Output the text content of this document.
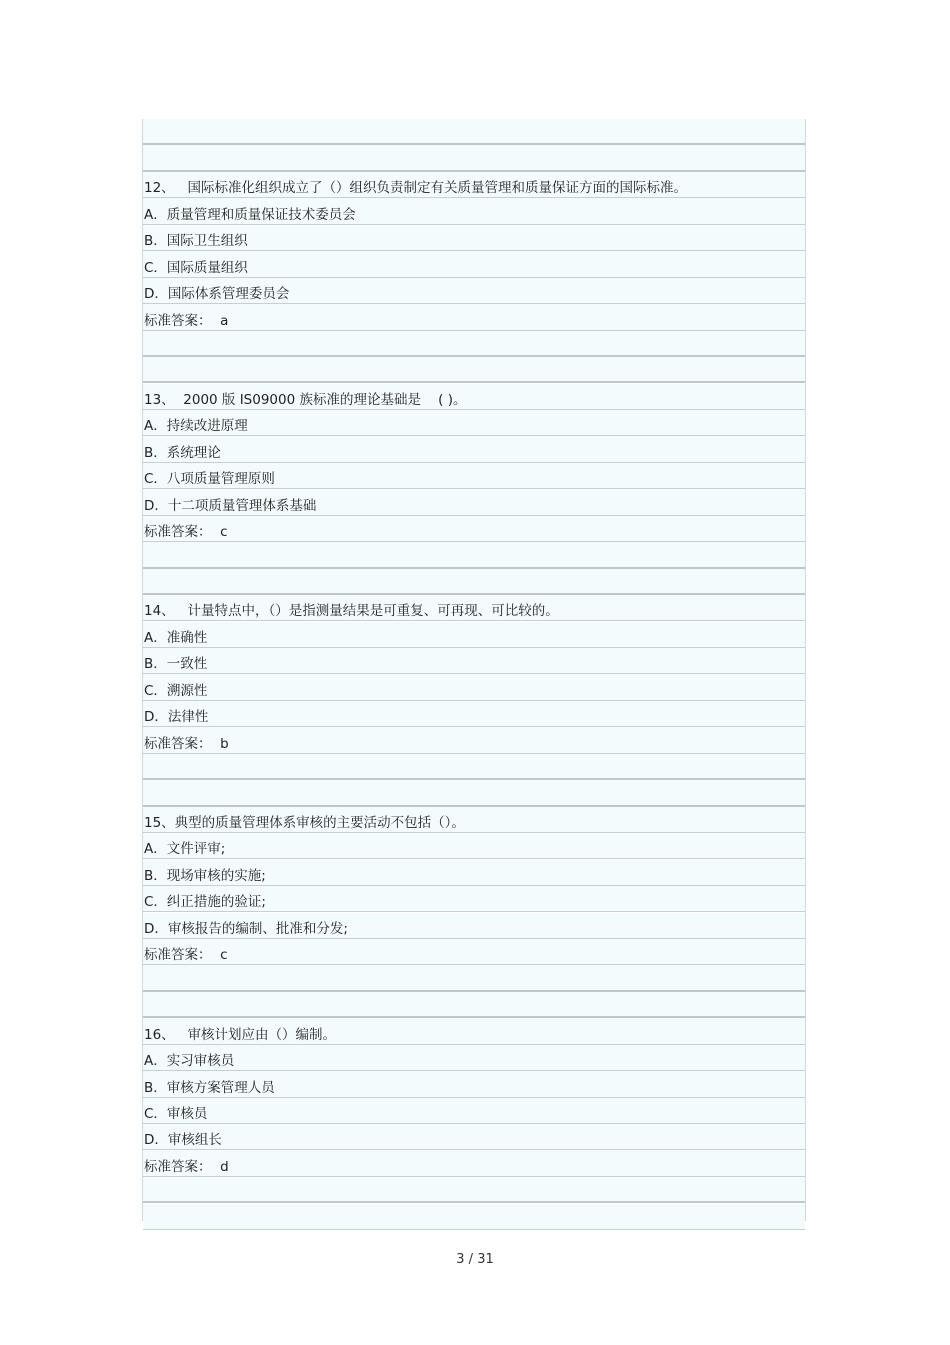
12、   国际标准化组织成立了（）组织负责制定有关质量管理和质量保证方面的国际标准。
A．质量管理和质量保证技术委员会
B．国际卫生组织
C．国际质量组织
D．国际体系管理委员会
标准答案：  a
13、  2000 版 IS09000 族标准的理论基础是    ( )。
A．持续改进原理
B．系统理论
C．八项质量管理原则
D．十二项质量管理体系基础
标准答案：  c
14、   计量特点中，（）是指测量结果是可重复、可再现、可比较的。
A．准确性
B．一致性
C．溯源性
D．法律性
标准答案：  b
15、典型的质量管理体系审核的主要活动不包括（）。
A．文件评审;
B．现场审核的实施;
C．纠正措施的验证;
D．审核报告的编制、批准和分发;
标准答案：  c
16、   审核计划应由（）编制。
A．实习审核员
B．审核方案管理人员
C．审核员
D．审核组长
标准答案：  d
3 / 31
